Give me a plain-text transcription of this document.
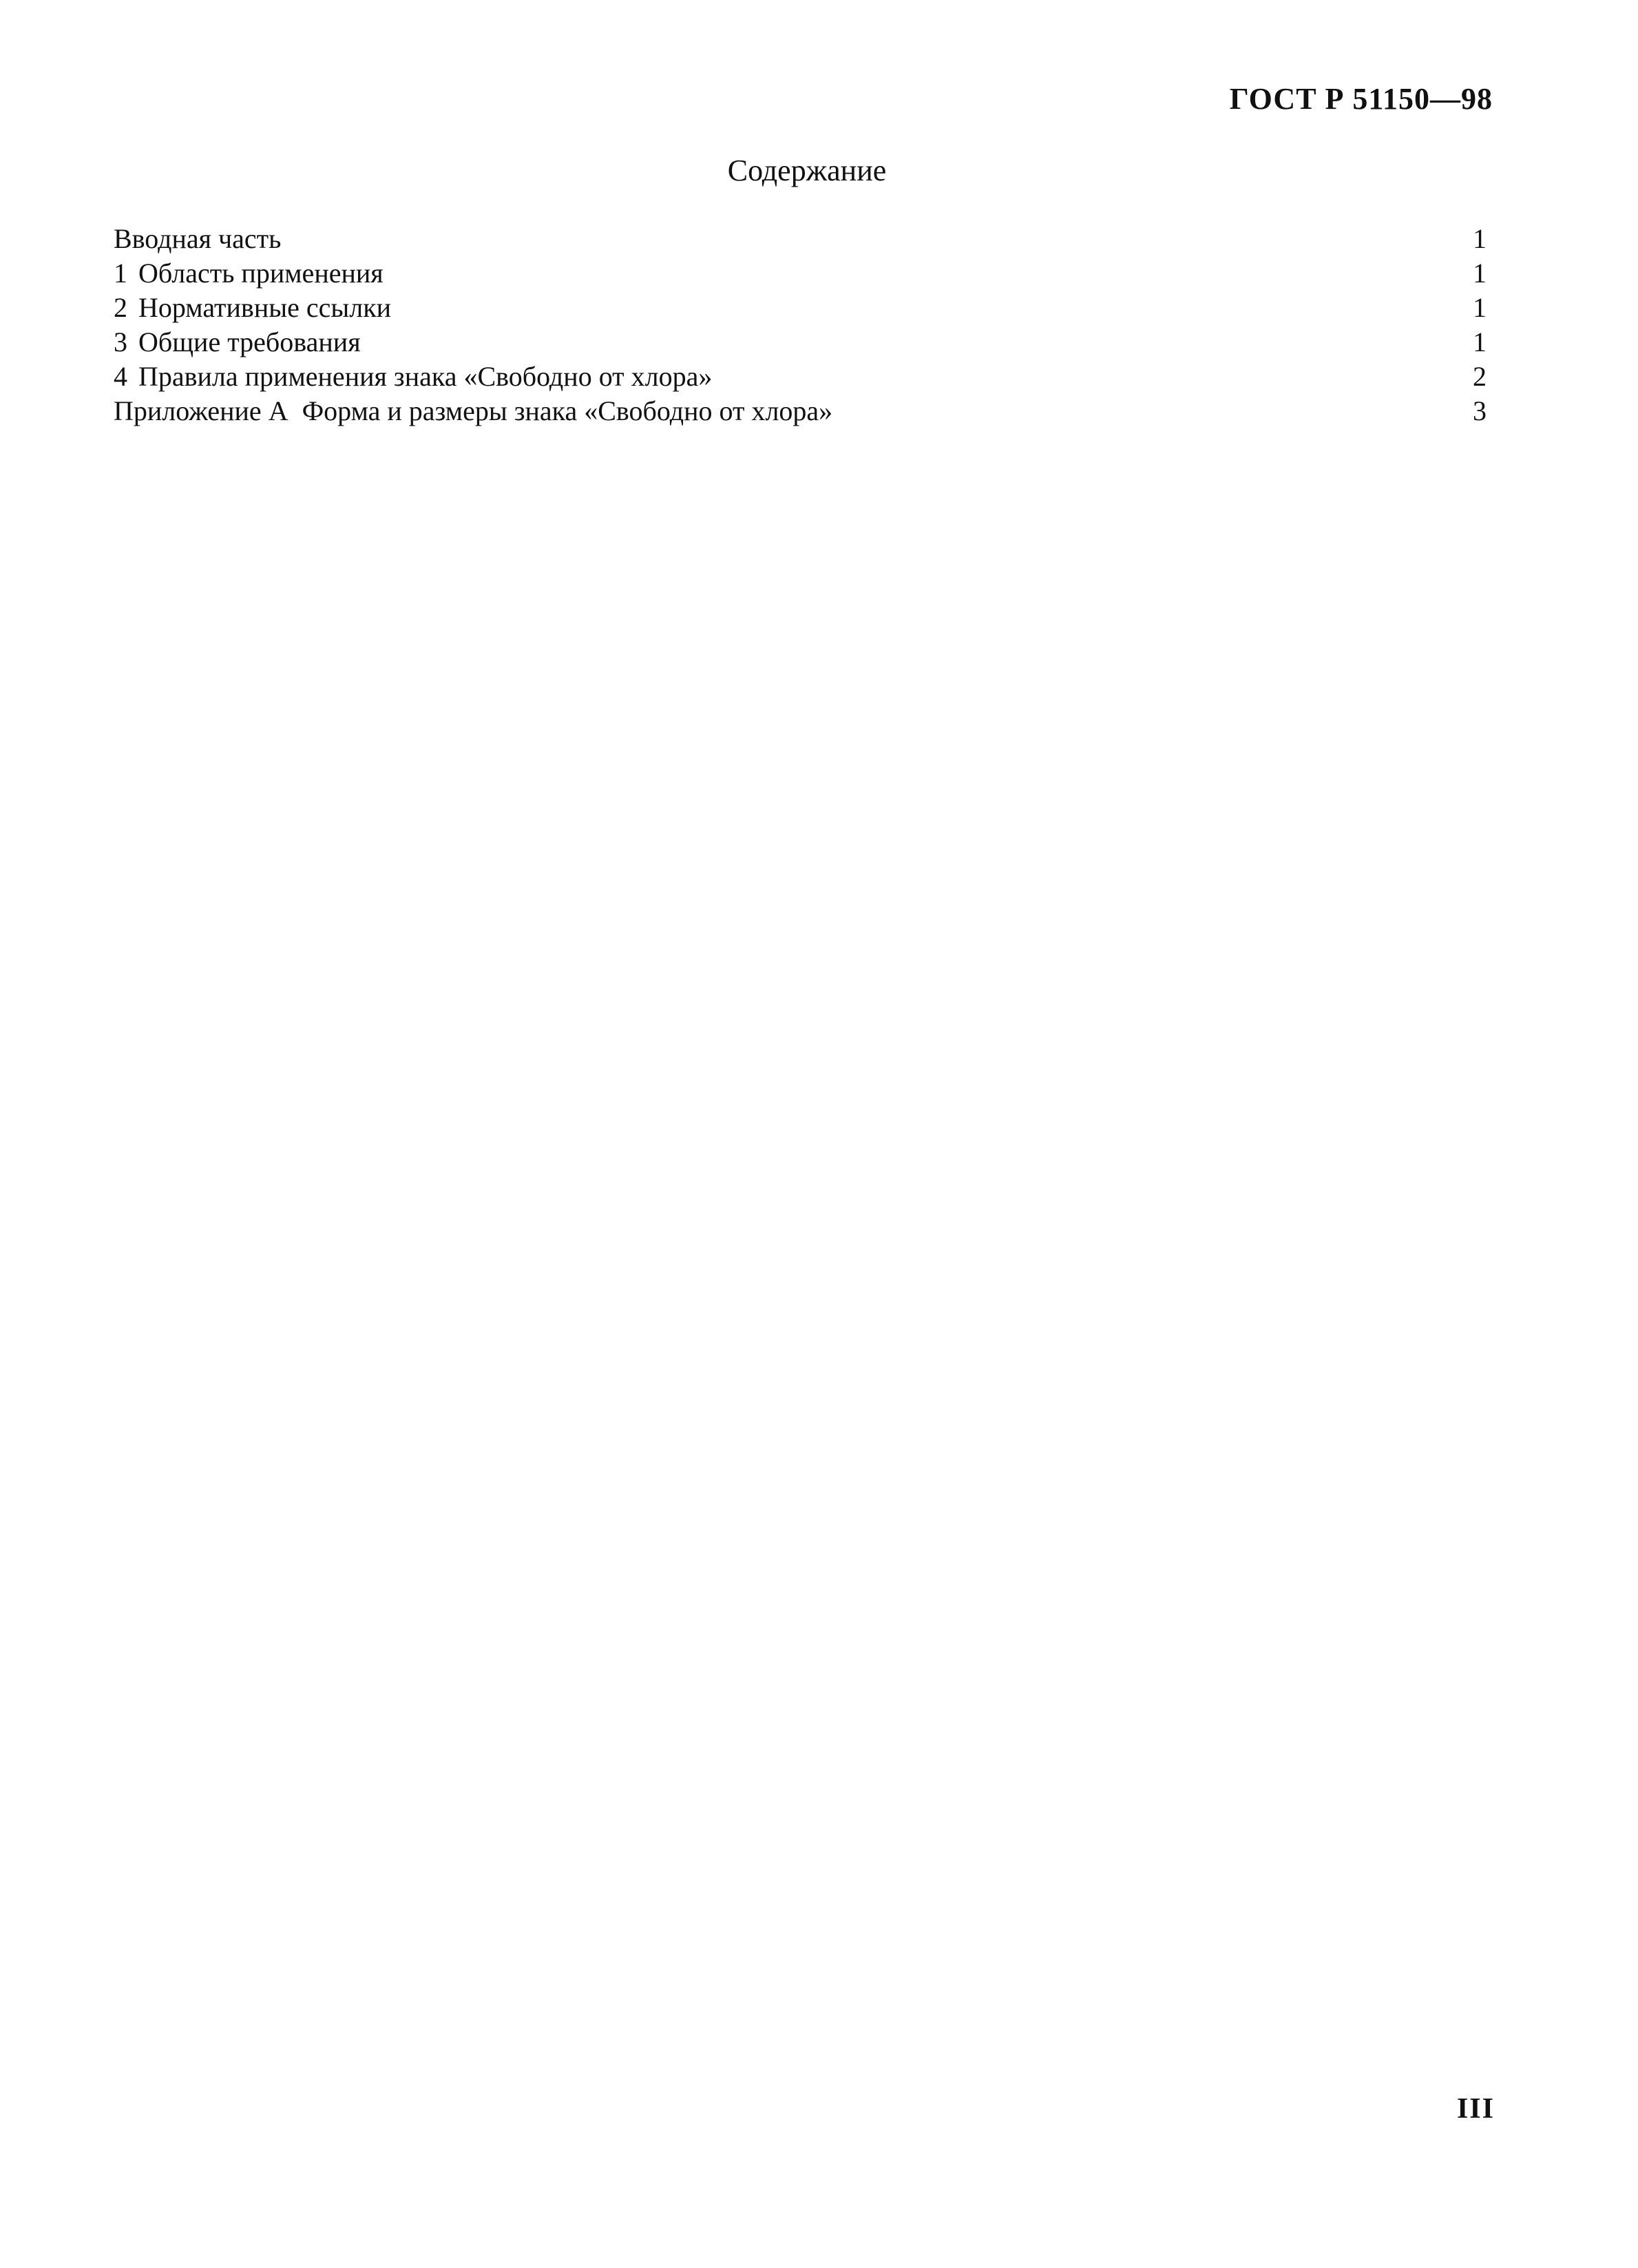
ГОСТ Р 51150—98
Содержание
Вводная часть	1
1 Область применения	1
2 Нормативные ссылки	1
3 Общие требования	1
4 Правила применения знака «Свободно от хлора»	2
Приложение А  Форма и размеры знака «Свободно от хлора»	3
III
